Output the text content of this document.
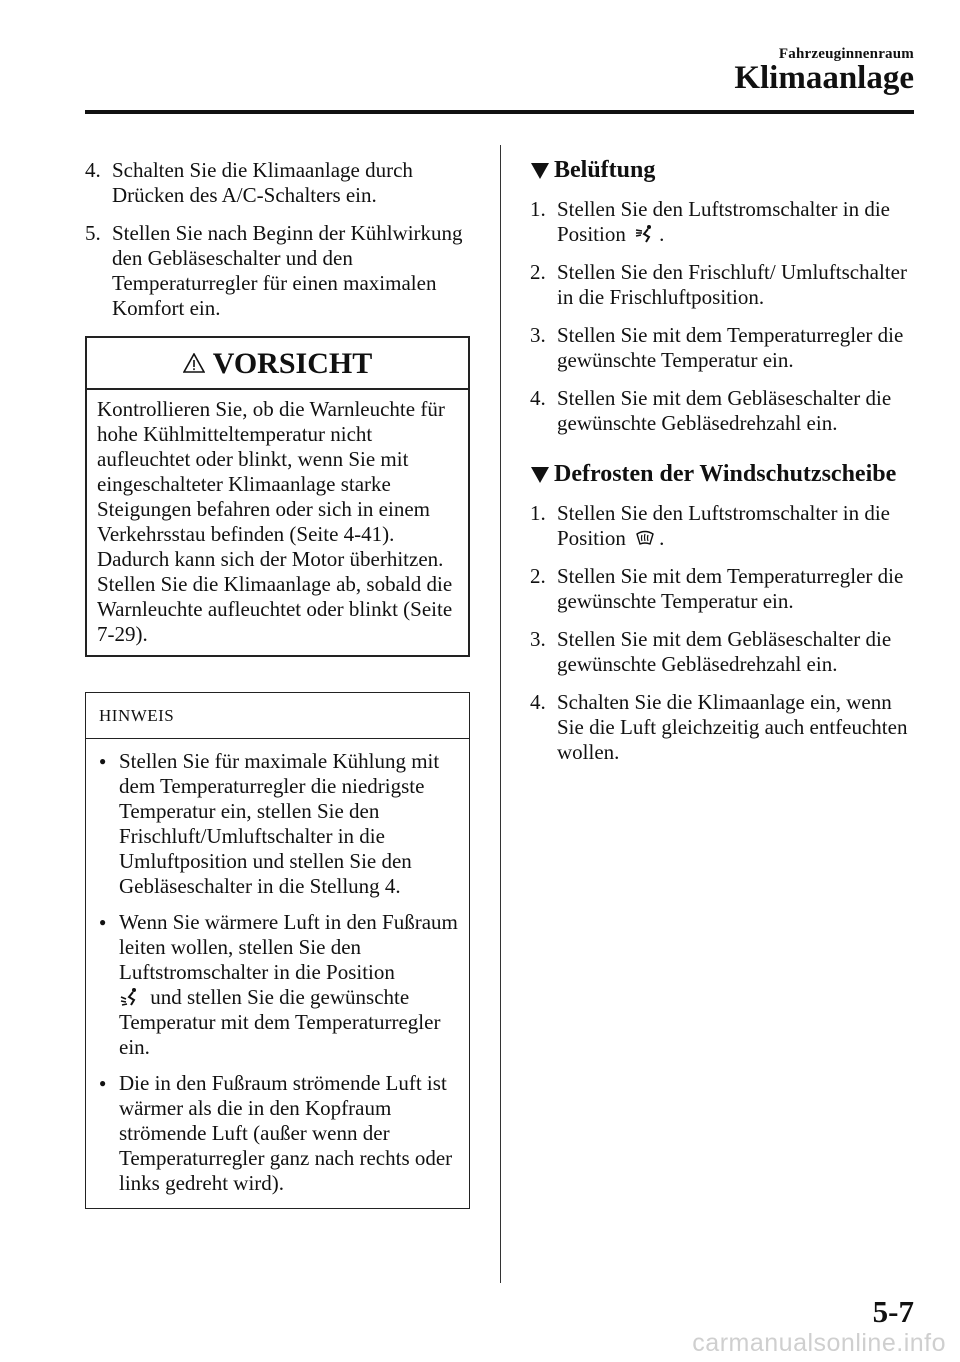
Fahrzeuginnenraum
Klimaanlage
4. Schalten Sie die Klimaanlage durch Drücken des A/C-Schalters ein.
5. Stellen Sie nach Beginn der Kühlwirkung den Gebläseschalter und den Temperaturregler für einen maximalen Komfort ein.
VORSICHT
Kontrollieren Sie, ob die Warnleuchte für hohe Kühlmitteltemperatur nicht aufleuchtet oder blinkt, wenn Sie mit eingeschalteter Klimaanlage starke Steigungen befahren oder sich in einem Verkehrsstau befinden (Seite 4-41). Dadurch kann sich der Motor überhitzen. Stellen Sie die Klimaanlage ab, sobald die Warnleuchte aufleuchtet oder blinkt (Seite 7-29).
HINWEIS
● Stellen Sie für maximale Kühlung mit dem Temperaturregler die niedrigste Temperatur ein, stellen Sie den Frischluft/Umluftschalter in die Umluftposition und stellen Sie den Gebläseschalter in die Stellung 4.
● Wenn Sie wärmere Luft in den Fußraum leiten wollen, stellen Sie den Luftstromschalter in die Position
und stellen Sie die gewünschte Temperatur mit dem Temperaturregler ein.
● Die in den Fußraum strömende Luft ist wärmer als die in den Kopfraum strömende Luft (außer wenn der Temperaturregler ganz nach rechts oder links gedreht wird).
Belüftung
1. Stellen Sie den Luftstromschalter in die Position .
2. Stellen Sie den Frischluft/ Umluftschalter in die Frischluftposition.
3. Stellen Sie mit dem Temperaturregler die gewünschte Temperatur ein.
4. Stellen Sie mit dem Gebläseschalter die gewünschte Gebläsedrehzahl ein.
Defrosten der Windschutzscheibe
1. Stellen Sie den Luftstromschalter in die Position .
2. Stellen Sie mit dem Temperaturregler die gewünschte Temperatur ein.
3. Stellen Sie mit dem Gebläseschalter die gewünschte Gebläsedrehzahl ein.
4. Schalten Sie die Klimaanlage ein, wenn Sie die Luft gleichzeitig auch entfeuchten wollen.
5-7
carmanualsonline.info
